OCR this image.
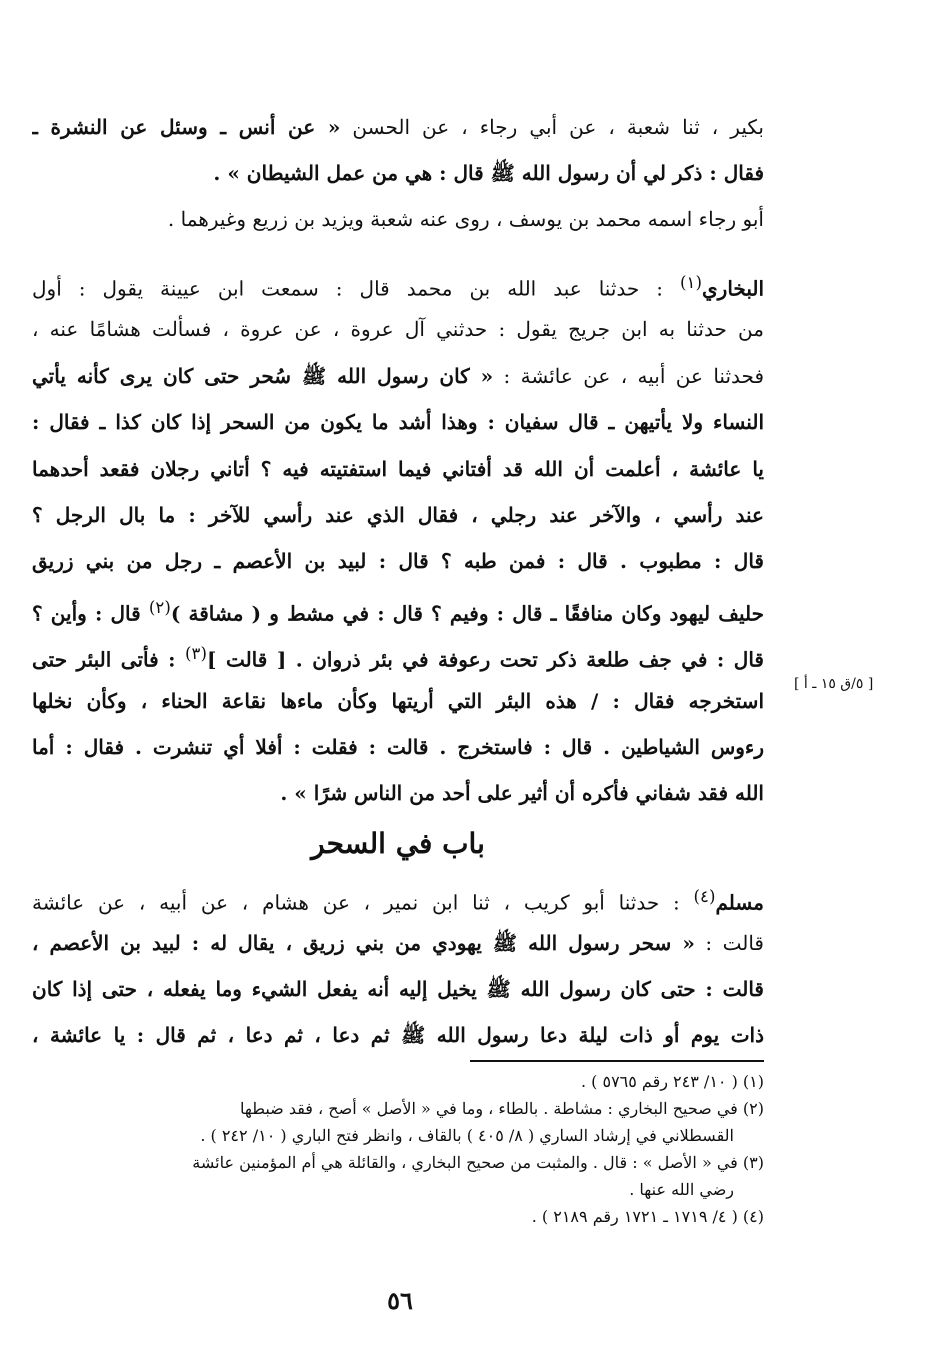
بكير ، ثنا شعبة ، عن أبي رجاء ، عن الحسن « عن أنس ـ وسئل عن النشرة ـ
فقال : ذكر لي أن رسول الله ﷺ قال : هي من عمل الشيطان » .
أبو رجاء اسمه محمد بن يوسف ، روى عنه شعبة ويزيد بن زريع وغيرهما .
البخاري$^{(١)}$ : حدثنا عبد الله بن محمد قال : سمعت ابن عيينة يقول : أول
من حدثنا به ابن جريج يقول : حدثني آل عروة ، عن عروة ، فسألت هشامًا عنه ،
فحدثنا عن أبيه ، عن عائشة : « كان رسول الله ﷺ سُحر حتى كان يرى كأنه يأتي
النساء ولا يأتيهن ـ قال سفيان : وهذا أشد ما يكون من السحر إذا كان كذا ـ فقال :
يا عائشة ، أعلمت أن الله قد أفتاني فيما استفتيته فيه ؟ أتاني رجلان فقعد أحدهما
عند رأسي ، والآخر عند رجلي ، فقال الذي عند رأسي للآخر : ما بال الرجل ؟
قال : مطبوب . قال : فمن طبه ؟ قال : لبيد بن الأعصم ـ رجل من بني زريق
حليف ليهود وكان منافقًا ـ قال : وفيم ؟ قال : في مشط و ( مشاقة )$^{(٢)}$ قال : وأين ؟
قال : في جف طلعة ذكر تحت رعوفة في بئر ذروان . [ قالت ]$^{(٣)}$ : فأتى البئر حتى
استخرجه فقال : / هذه البئر التي أريتها وكأن ماءها نقاعة الحناء ، وكأن نخلها
رءوس الشياطين . قال : فاستخرج . قالت : فقلت : أفلا أي تنشرت . فقال : أما
الله فقد شفاني فأكره أن أثير على أحد من الناس شرًا » .
[ ٥/ق ١٥ ـ أ ]
باب في السحر
مسلم$^{(٤)}$ : حدثنا أبو كريب ، ثنا ابن نمير ، عن هشام ، عن أبيه ، عن عائشة
قالت : « سحر رسول الله ﷺ يهودي من بني زريق ، يقال له : لبيد بن الأعصم ،
قالت : حتى كان رسول الله ﷺ يخيل إليه أنه يفعل الشيء وما يفعله ، حتى إذا كان
ذات يوم أو ذات ليلة دعا رسول الله ﷺ ثم دعا ، ثم دعا ، ثم قال : يا عائشة ،
(١) ( ١٠/ ٢٤٣ رقم ٥٧٦٥ ) .
(٢) في صحيح البخاري : مشاطة . بالطاء ، وما في « الأصل » أصح ، فقد ضبطها
القسطلاني في إرشاد الساري ( ٨/ ٤٠٥ ) بالقاف ، وانظر فتح الباري ( ١٠/ ٢٤٢ ) .
(٣) في « الأصل » : قال . والمثبت من صحيح البخاري ، والقائلة هي أم المؤمنين عائشة
رضي الله عنها .
(٤) ( ٤/ ١٧١٩ ـ ١٧٢١ رقم ٢١٨٩ ) .
٥٦
